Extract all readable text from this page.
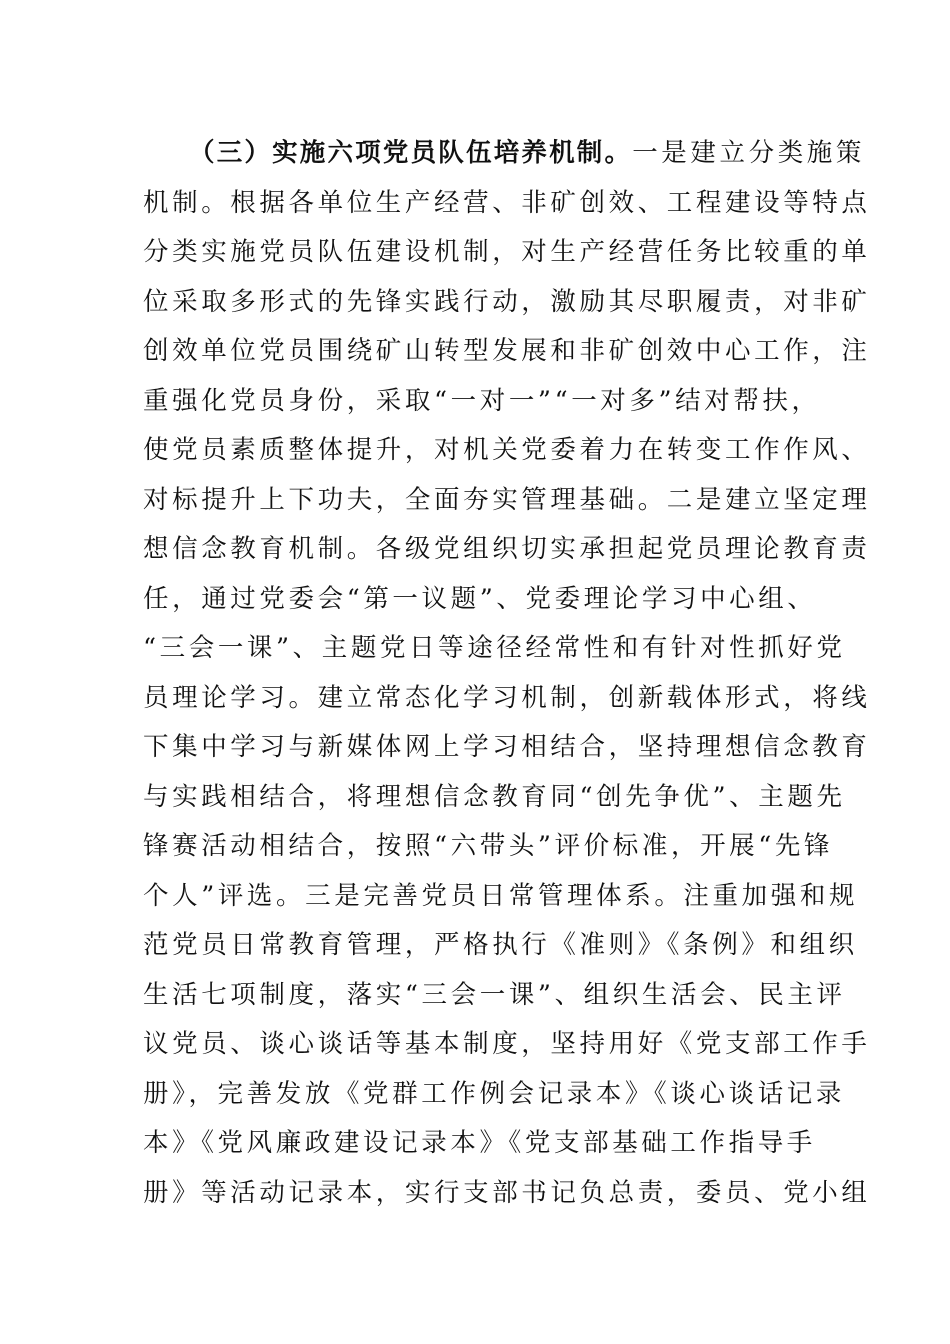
（三）实施六项党员队伍培养机制。一是建立分类施策
机制。根据各单位生产经营、非矿创效、工程建设等特点
分类实施党员队伍建设机制，对生产经营任务比较重的单
位采取多形式的先锋实践行动，激励其尽职履责，对非矿
创效单位党员围绕矿山转型发展和非矿创效中心工作，注
重强化党员身份，采取“一对一”“一对多”结对帮扶，
使党员素质整体提升，对机关党委着力在转变工作作风、
对标提升上下功夫，全面夯实管理基础。二是建立坚定理
想信念教育机制。各级党组织切实承担起党员理论教育责
任，通过党委会“第一议题”、党委理论学习中心组、
“三会一课”、主题党日等途径经常性和有针对性抓好党
员理论学习。建立常态化学习机制，创新载体形式，将线
下集中学习与新媒体网上学习相结合，坚持理想信念教育
与实践相结合，将理想信念教育同“创先争优”、主题先
锋赛活动相结合，按照“六带头”评价标准，开展“先锋
个人”评选。三是完善党员日常管理体系。注重加强和规
范党员日常教育管理，严格执行《准则》《条例》和组织
生活七项制度，落实“三会一课”、组织生活会、民主评
议党员、谈心谈话等基本制度，坚持用好《党支部工作手
册》，完善发放《党群工作例会记录本》《谈心谈话记录
本》《党风廉政建设记录本》《党支部基础工作指导手
册》等活动记录本，实行支部书记负总责，委员、党小组
